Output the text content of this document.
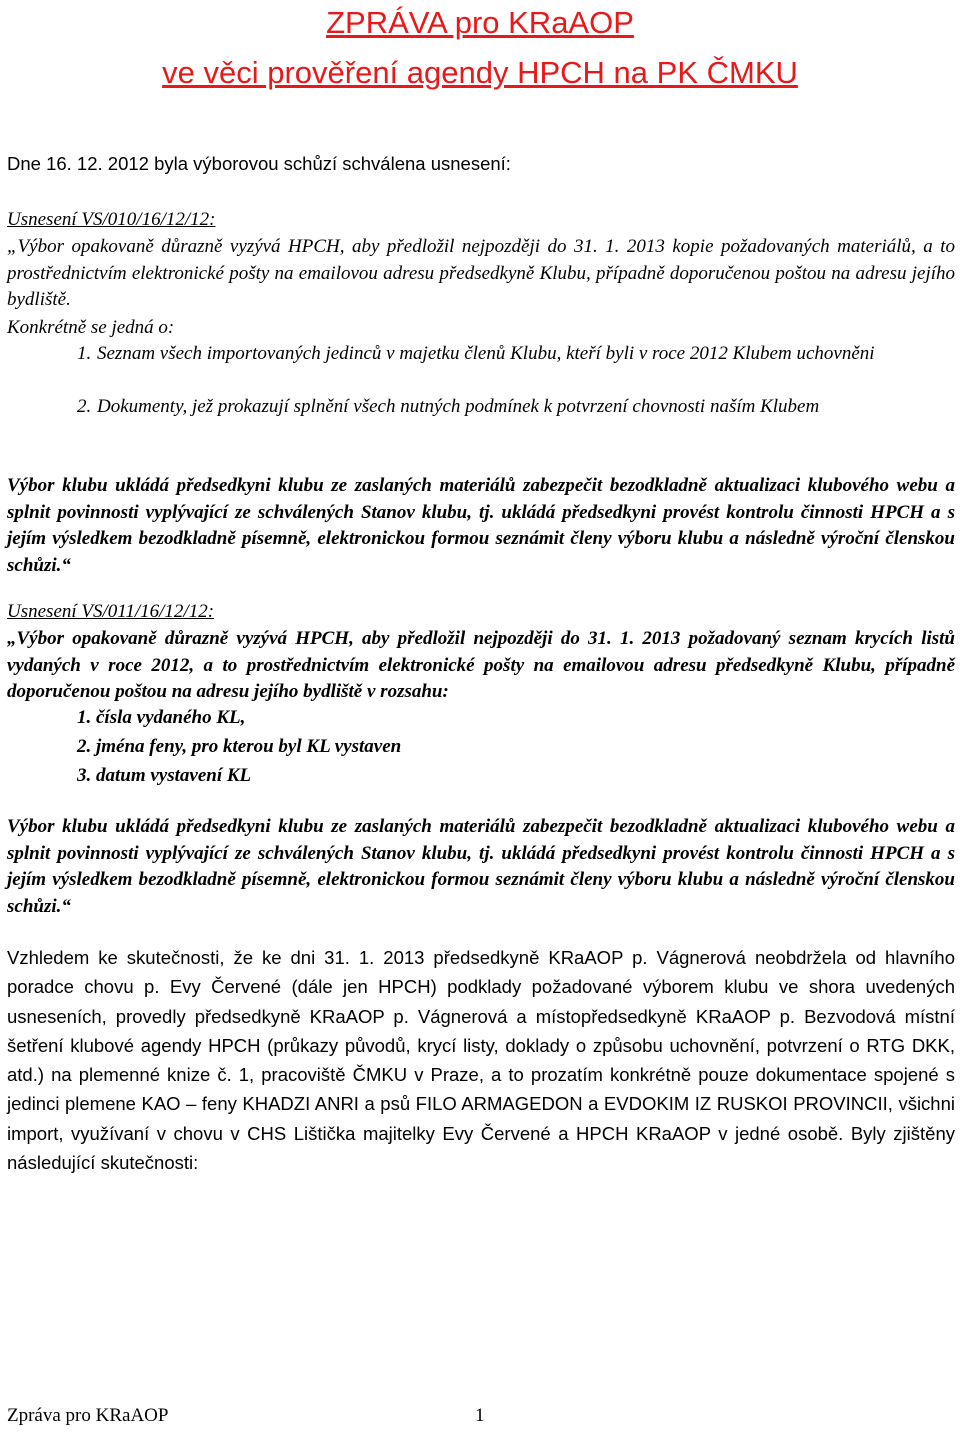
ZPRÁVA pro KRaAOP
ve věci prověření agendy HPCH na PK ČMKU

Dne 16. 12. 2012 byla výborovou schůzí schválena usnesení:

Usnesení VS/010/16/12/12:

„Výbor opakovaně důrazně vyzývá HPCH, aby předložil nejpozději do 31. 1. 2013 kopie požadovaných materiálů, a to prostřednictvím elektronické pošty na emailovou adresu předsedkyně Klubu, případně doporučenou poštou na adresu jejího bydliště.

Konkrétně se jedná o:

1. Seznam všech importovaných jedinců v majetku členů Klubu, kteří byli v roce 2012 Klubem uchovněni
2. Dokumenty, jež prokazují splnění všech nutných podmínek k potvrzení chovnosti naším Klubem

Výbor klubu ukládá předsedkyni klubu ze zaslaných materiálů zabezpečit bezodkladně aktualizaci klubového webu a splnit povinnosti vyplývající ze schválených Stanov klubu, tj. ukládá předsedkyni provést kontrolu činnosti HPCH a s jejím výsledkem bezodkladně písemně, elektronickou formou seznámit členy výboru klubu a následně výroční členskou schůzi.“

Usnesení VS/011/16/12/12:

„Výbor opakovaně důrazně vyzývá HPCH, aby předložil nejpozději do 31. 1. 2013 požadovaný seznam krycích listů vydaných v roce 2012, a to prostřednictvím elektronické pošty na emailovou adresu předsedkyně Klubu, případně doporučenou poštou na adresu jejího bydliště v rozsahu:

1. čísla vydaného KL,

2. jména feny, pro kterou byl KL vystaven

3. datum vystavení KL

Výbor klubu ukládá předsedkyni klubu ze zaslaných materiálů zabezpečit bezodkladně aktualizaci klubového webu a splnit povinnosti vyplývající ze schválených Stanov klubu, tj. ukládá předsedkyni provést kontrolu činnosti HPCH a s jejím výsledkem bezodkladně písemně, elektronickou formou seznámit členy výboru klubu a následně výroční členskou schůzi.“

Vzhledem ke skutečnosti, že ke dni 31. 1. 2013 předsedkyně KRaAOP p. Vágnerová neobdržela od hlavního poradce chovu p. Evy Červené (dále jen HPCH) podklady požadované výborem klubu ve shora uvedených usneseních, provedly předsedkyně KRaAOP p. Vágnerová a místopředsedkyně KRaAOP p. Bezvodová místní šetření klubové agendy HPCH (průkazy původů, krycí listy, doklady o způsobu uchovnění, potvrzení o RTG DKK, atd.) na plemenné knize č. 1, pracoviště ČMKU v Praze, a to prozatím konkrétně pouze dokumentace spojené s jedinci plemene KAO – feny KHADZI ANRI a psů FILO ARMAGEDON a EVDOKIM IZ RUSKOI PROVINCII, všichni import, využívaní v chovu v CHS Lištička majitelky Evy Červené a HPCH KRaAOP v jedné osobě. Byly zjištěny následující skutečnosti:

Zpráva pro KRaAOP	1
